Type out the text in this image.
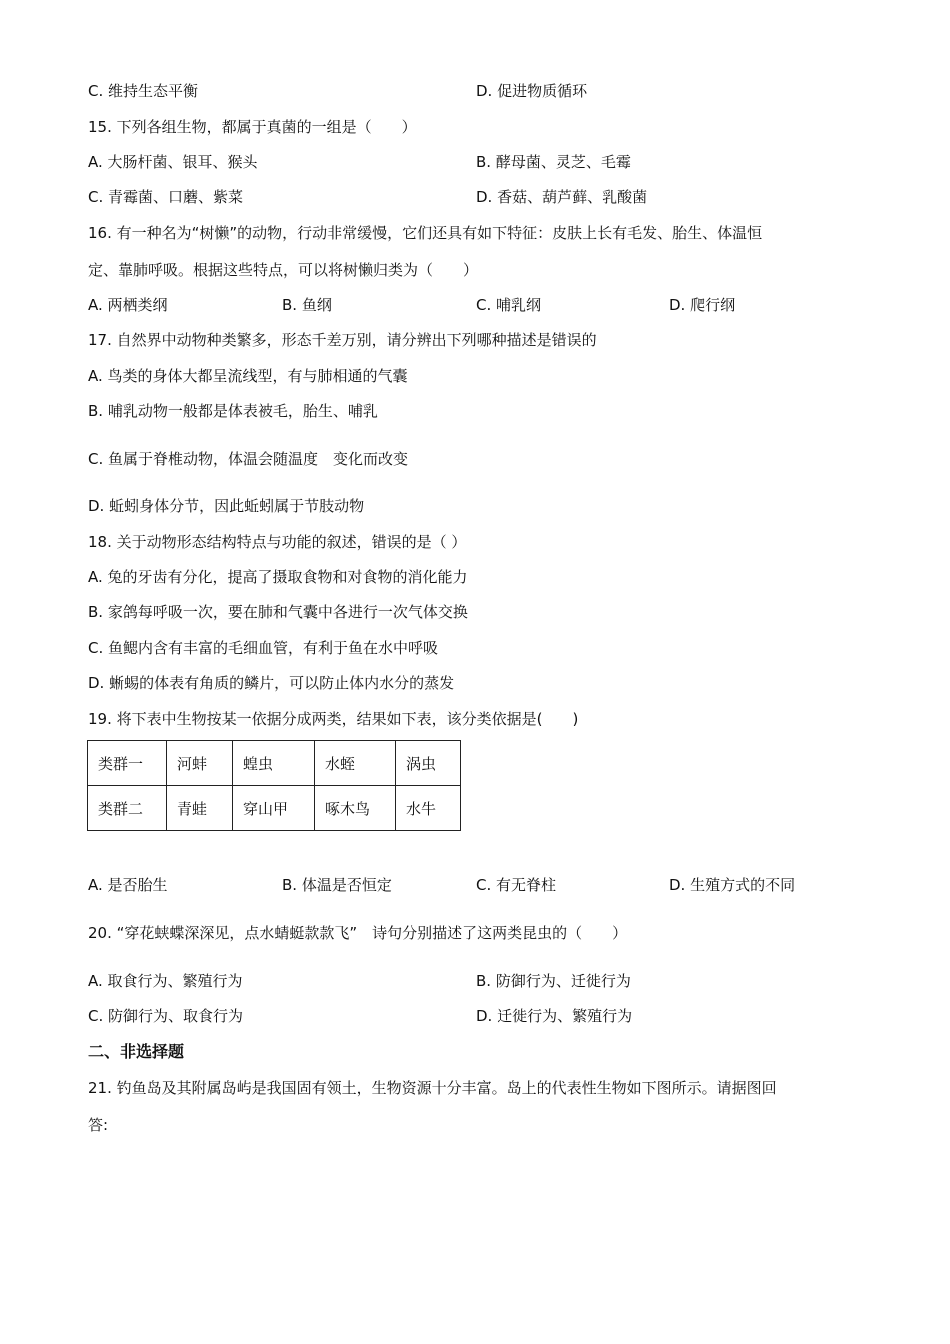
C. 维持生态平衡	D. 促进物质循环
15. 下列各组生物，都属于真菌的一组是（　　）
A. 大肠杆菌、银耳、猴头	B. 酵母菌、灵芝、毛霉
C. 青霉菌、口蘑、紫菜	D. 香菇、葫芦藓、乳酸菌
16. 有一种名为“树懒”的动物，行动非常缓慢，它们还具有如下特征：皮肤上长有毛发、胎生、体温恒
定、靠肺呼吸。根据这些特点，可以将树懒归类为（　　）
A. 两栖类纲	B. 鱼纲	C. 哺乳纲	D. 爬行纲
17. 自然界中动物种类繁多，形态千差万别，请分辨出下列哪种描述是错误的
A. 鸟类的身体大都呈流线型，有与肺相通的气囊
B. 哺乳动物一般都是体表被毛，胎生、哺乳
C. 鱼属于脊椎动物，体温会随温度　变化而改变
D. 蚯蚓身体分节，因此蚯蚓属于节肢动物
18. 关于动物形态结构特点与功能的叙述，错误的是（ ）
A. 兔的牙齿有分化，提高了摄取食物和对食物的消化能力
B. 家鸽每呼吸一次，要在肺和气囊中各进行一次气体交换
C. 鱼鳃内含有丰富的毛细血管，有利于鱼在水中呼吸
D. 蜥蜴的体表有角质的鳞片，可以防止体内水分的蒸发
19. 将下表中生物按某一依据分成两类，结果如下表，该分类依据是(　　)
类群一	河蚌	蝗虫	水蛭	涡虫
类群二	青蛙	穿山甲	啄木鸟	水牛
A. 是否胎生	B. 体温是否恒定	C. 有无脊柱	D. 生殖方式的不同
20. “穿花蛱蝶深深见，点水蜻蜓款款飞”　诗句分别描述了这两类昆虫的（　　）
A. 取食行为、繁殖行为	B. 防御行为、迁徙行为
C. 防御行为、取食行为	D. 迁徙行为、繁殖行为
二、非选择题
21. 钓鱼岛及其附属岛屿是我国固有领土，生物资源十分丰富。岛上的代表性生物如下图所示。请据图回
答:
